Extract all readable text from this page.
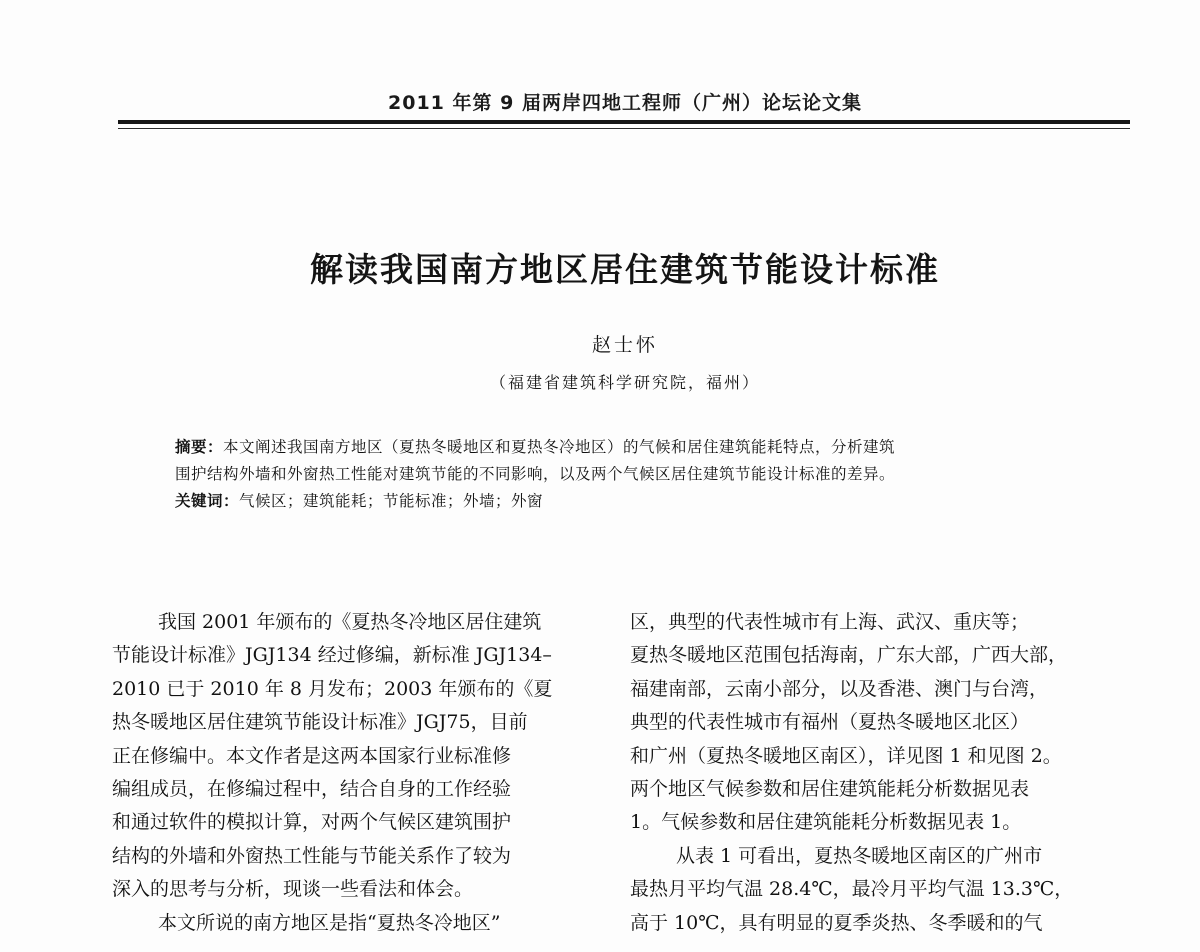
2011 年第 9 届两岸四地工程师（广州）论坛论文集
解读我国南方地区居住建筑节能设计标准
赵士怀
（福建省建筑科学研究院，福州）
摘要：本文阐述我国南方地区（夏热冬暖地区和夏热冬冷地区）的气候和居住建筑能耗特点，分析建筑
围护结构外墙和外窗热工性能对建筑节能的不同影响，以及两个气候区居住建筑节能设计标准的差异。
关键词：气候区；建筑能耗；节能标准；外墙；外窗
我国 2001 年颁布的《夏热冬冷地区居住建筑
节能设计标准》JGJ134 经过修编，新标准 JGJ134–
2010 已于 2010 年 8 月发布；2003 年颁布的《夏
热冬暖地区居住建筑节能设计标准》JGJ75，目前
正在修编中。本文作者是这两本国家行业标准修
编组成员，在修编过程中，结合自身的工作经验
和通过软件的模拟计算，对两个气候区建筑围护
结构的外墙和外窗热工性能与节能关系作了较为
深入的思考与分析，现谈一些看法和体会。
本文所说的南方地区是指“夏热冬冷地区”
区，典型的代表性城市有上海、武汉、重庆等；
夏热冬暖地区范围包括海南，广东大部，广西大部，
福建南部，云南小部分，以及香港、澳门与台湾，
典型的代表性城市有福州（夏热冬暖地区北区）
和广州（夏热冬暖地区南区），详见图 1 和见图 2。
两个地区气候参数和居住建筑能耗分析数据见表
1。气候参数和居住建筑能耗分析数据见表 1。
从表 1 可看出，夏热冬暖地区南区的广州市
最热月平均气温 28.4℃，最冷月平均气温 13.3℃，
高于 10℃，具有明显的夏季炎热、冬季暖和的气
